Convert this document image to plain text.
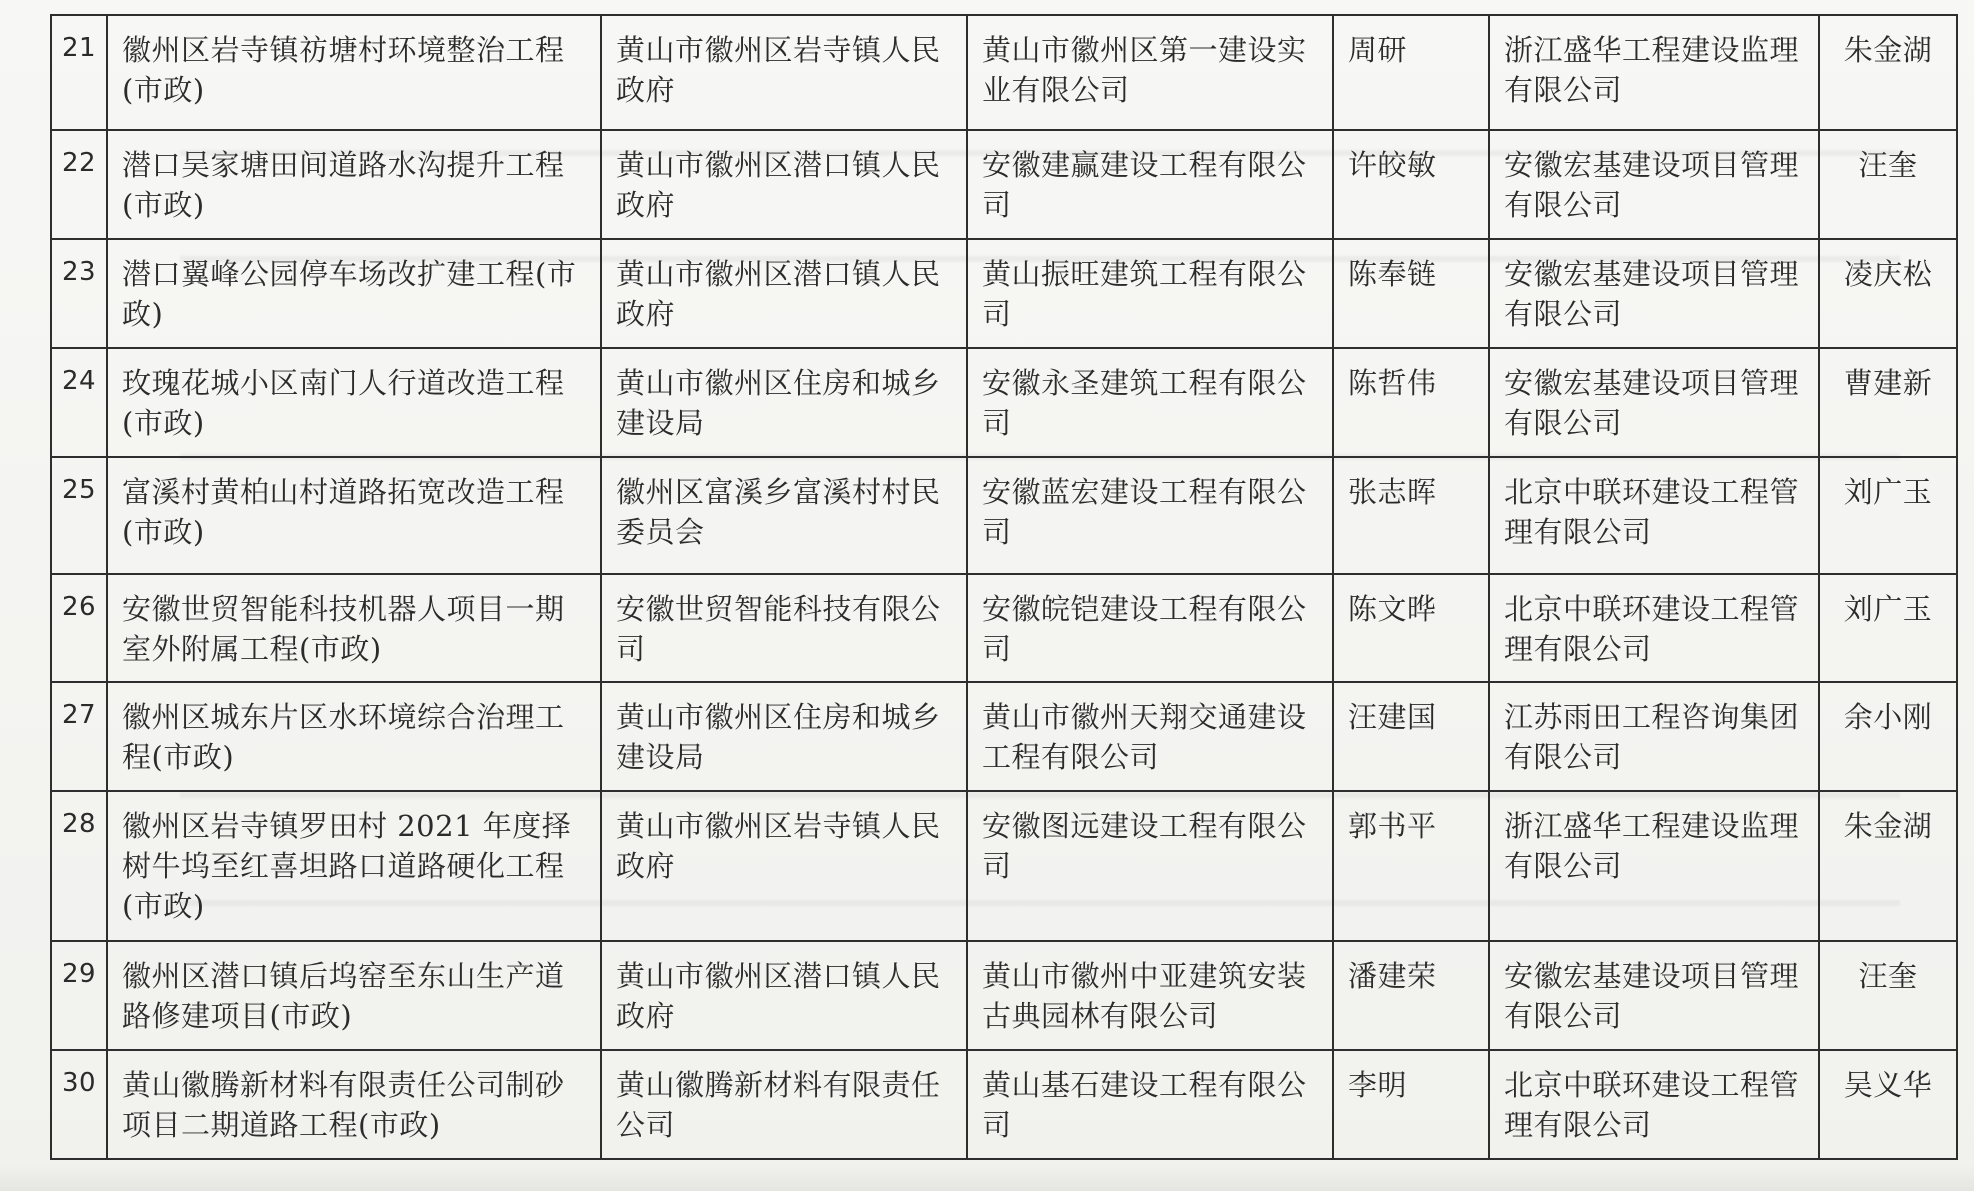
21	徽州区岩寺镇祊塘村环境整治工程(市政)	黄山市徽州区岩寺镇人民政府	黄山市徽州区第一建设实业有限公司	周研	浙江盛华工程建设监理有限公司	朱金湖
22	潜口吴家塘田间道路水沟提升工程(市政)	黄山市徽州区潜口镇人民政府	安徽建赢建设工程有限公司	许皎敏	安徽宏基建设项目管理有限公司	汪奎
23	潜口翼峰公园停车场改扩建工程(市政)	黄山市徽州区潜口镇人民政府	黄山振旺建筑工程有限公司	陈奉链	安徽宏基建设项目管理有限公司	凌庆松
24	玫瑰花城小区南门人行道改造工程(市政)	黄山市徽州区住房和城乡建设局	安徽永圣建筑工程有限公司	陈哲伟	安徽宏基建设项目管理有限公司	曹建新
25	富溪村黄柏山村道路拓宽改造工程(市政)	徽州区富溪乡富溪村村民委员会	安徽蓝宏建设工程有限公司	张志晖	北京中联环建设工程管理有限公司	刘广玉
26	安徽世贸智能科技机器人项目一期室外附属工程(市政)	安徽世贸智能科技有限公司	安徽皖铠建设工程有限公司	陈文晔	北京中联环建设工程管理有限公司	刘广玉
27	徽州区城东片区水环境综合治理工程(市政)	黄山市徽州区住房和城乡建设局	黄山市徽州天翔交通建设工程有限公司	汪建国	江苏雨田工程咨询集团有限公司	余小刚
28	徽州区岩寺镇罗田村 2021 年度择树牛坞至红喜坦路口道路硬化工程(市政)	黄山市徽州区岩寺镇人民政府	安徽图远建设工程有限公司	郭书平	浙江盛华工程建设监理有限公司	朱金湖
29	徽州区潜口镇后坞窑至东山生产道路修建项目(市政)	黄山市徽州区潜口镇人民政府	黄山市徽州中亚建筑安装古典园林有限公司	潘建荣	安徽宏基建设项目管理有限公司	汪奎
30	黄山徽腾新材料有限责任公司制砂项目二期道路工程(市政)	黄山徽腾新材料有限责任公司	黄山基石建设工程有限公司	李明	北京中联环建设工程管理有限公司	吴义华
